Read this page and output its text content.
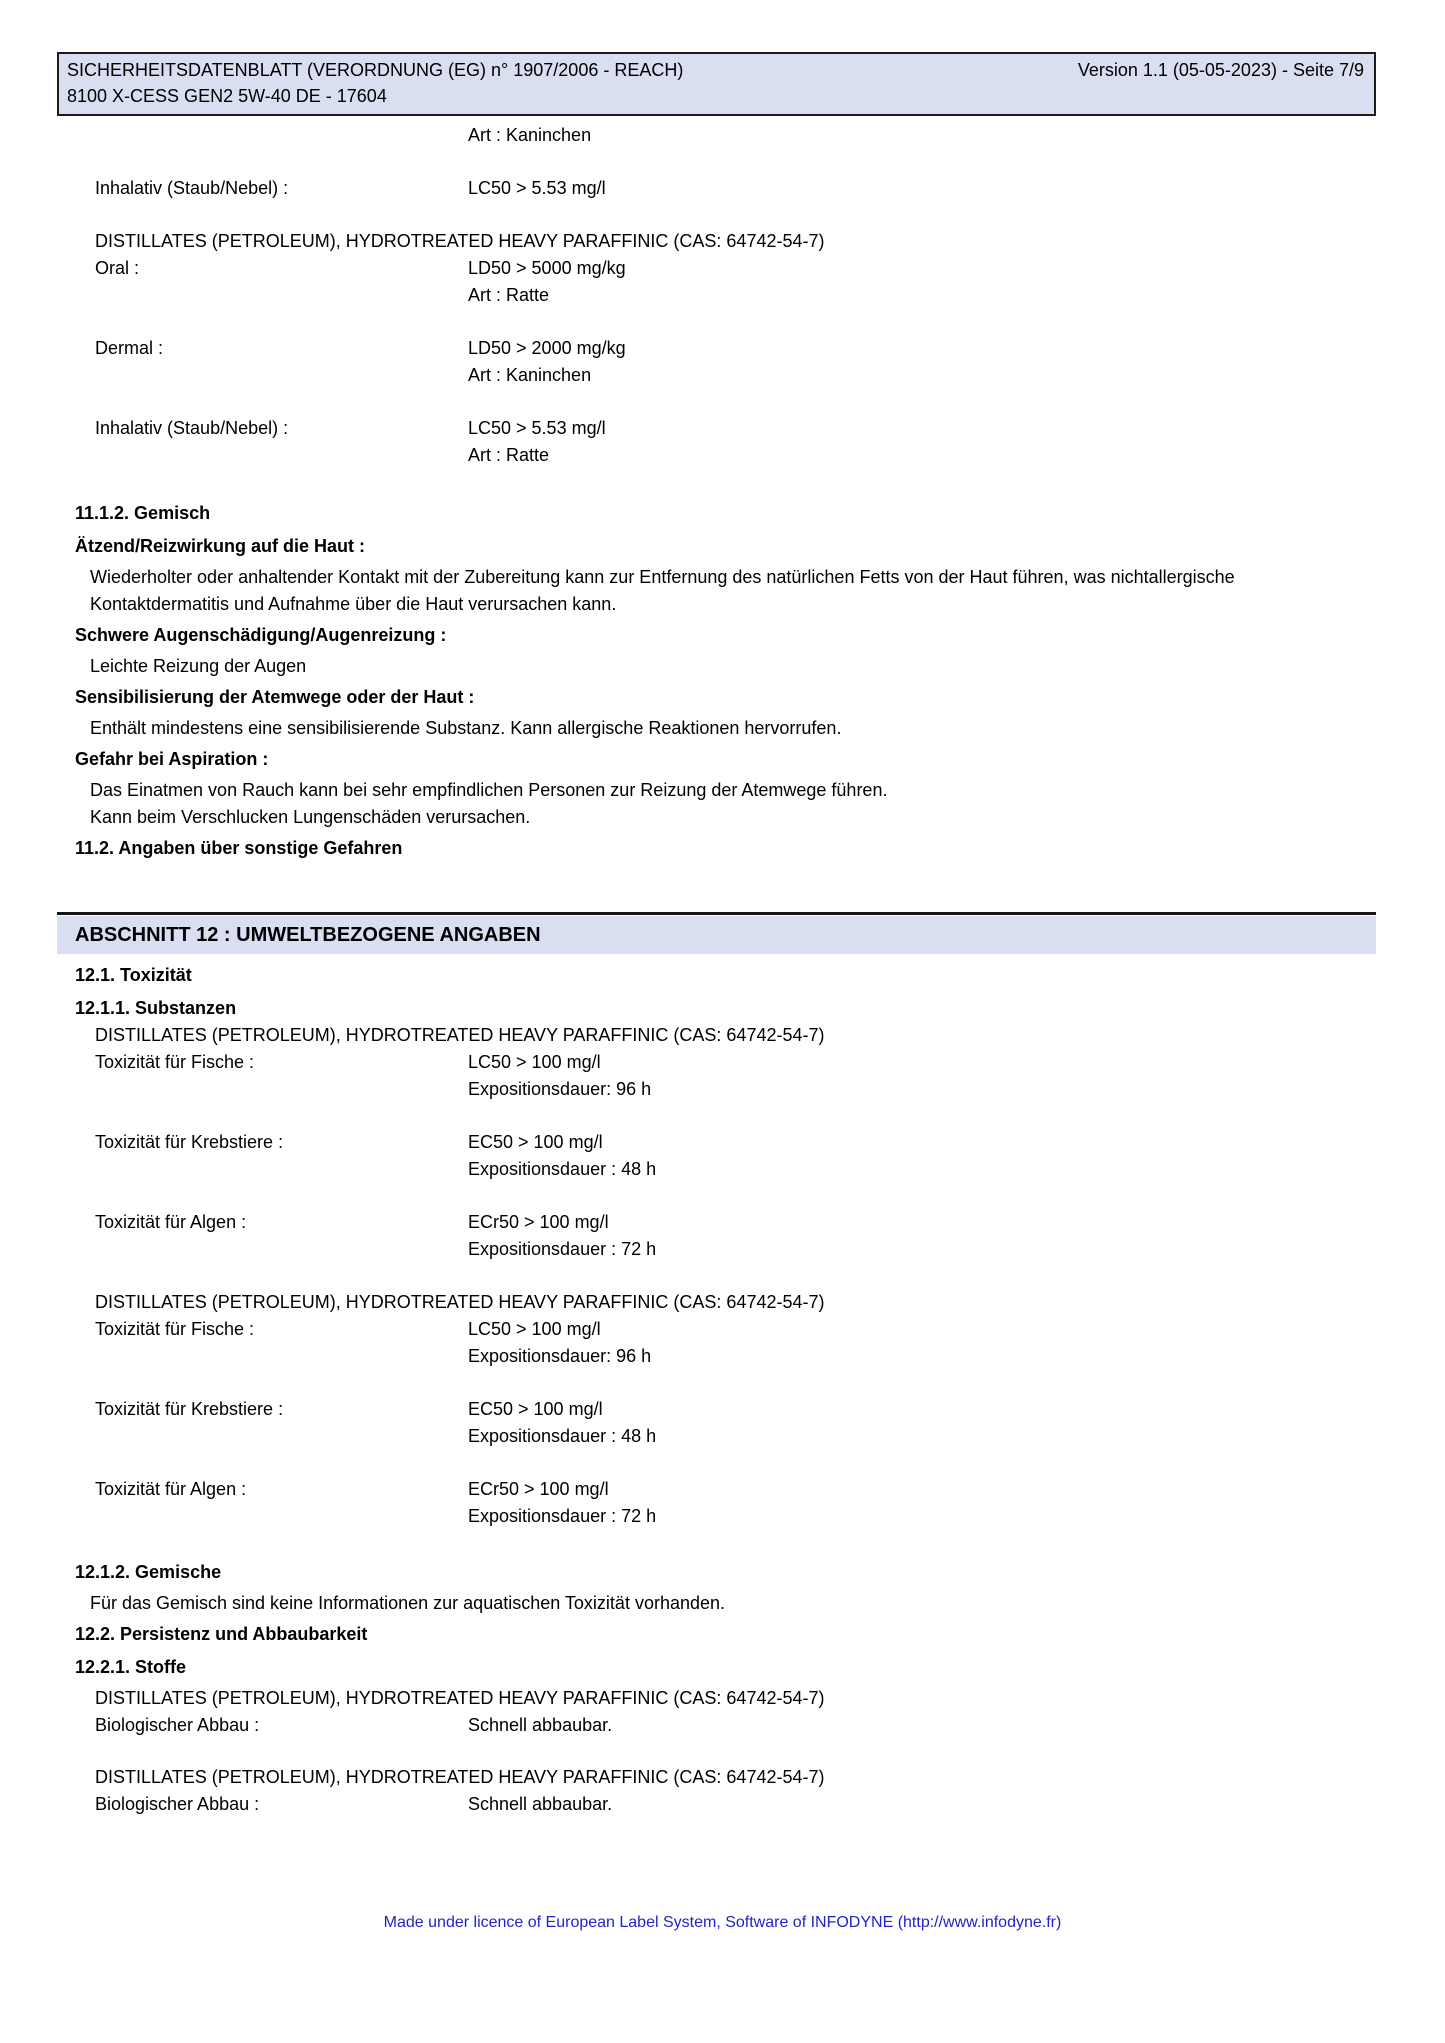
SICHERHEITSDATENBLATT (VERORDNUNG (EG) n° 1907/2006 - REACH)	Version 1.1 (05-05-2023) - Seite 7/9
8100 X-CESS GEN2 5W-40 DE - 17604
Art : Kaninchen
Inhalativ (Staub/Nebel) :	LC50 > 5.53 mg/l
DISTILLATES (PETROLEUM), HYDROTREATED HEAVY PARAFFINIC (CAS: 64742-54-7)
Oral :	LD50 > 5000 mg/kg
Art : Ratte
Dermal :	LD50 > 2000 mg/kg
Art : Kaninchen
Inhalativ (Staub/Nebel) :	LC50 > 5.53 mg/l
Art : Ratte
11.1.2. Gemisch
Ätzend/Reizwirkung auf die Haut :
Wiederholter oder anhaltender Kontakt mit der Zubereitung kann zur Entfernung des natürlichen Fetts von der Haut führen, was nichtallergische
Kontaktdermatitis und Aufnahme über die Haut verursachen kann.
Schwere Augenschädigung/Augenreizung :
Leichte Reizung der Augen
Sensibilisierung der Atemwege oder der Haut :
Enthält mindestens eine sensibilisierende Substanz. Kann allergische Reaktionen hervorrufen.
Gefahr bei Aspiration :
Das Einatmen von Rauch kann bei sehr empfindlichen Personen zur Reizung der Atemwege führen.
Kann beim Verschlucken Lungenschäden verursachen.
11.2. Angaben über sonstige Gefahren
ABSCHNITT 12 : UMWELTBEZOGENE ANGABEN
12.1. Toxizität
12.1.1. Substanzen
DISTILLATES (PETROLEUM), HYDROTREATED HEAVY PARAFFINIC (CAS: 64742-54-7)
Toxizität für Fische :	LC50 > 100 mg/l
Expositionsdauer: 96 h
Toxizität für Krebstiere :	EC50 > 100 mg/l
Expositionsdauer : 48 h
Toxizität für Algen :	ECr50 > 100 mg/l
Expositionsdauer : 72 h
DISTILLATES (PETROLEUM), HYDROTREATED HEAVY PARAFFINIC (CAS: 64742-54-7)
Toxizität für Fische :	LC50 > 100 mg/l
Expositionsdauer: 96 h
Toxizität für Krebstiere :	EC50 > 100 mg/l
Expositionsdauer : 48 h
Toxizität für Algen :	ECr50 > 100 mg/l
Expositionsdauer : 72 h
12.1.2. Gemische
Für das Gemisch sind keine Informationen zur aquatischen Toxizität vorhanden.
12.2. Persistenz und Abbaubarkeit
12.2.1. Stoffe
DISTILLATES (PETROLEUM), HYDROTREATED HEAVY PARAFFINIC (CAS: 64742-54-7)
Biologischer Abbau :	Schnell abbaubar.
DISTILLATES (PETROLEUM), HYDROTREATED HEAVY PARAFFINIC (CAS: 64742-54-7)
Biologischer Abbau :	Schnell abbaubar.
Made under licence of European Label System, Software of INFODYNE (http://www.infodyne.fr)
